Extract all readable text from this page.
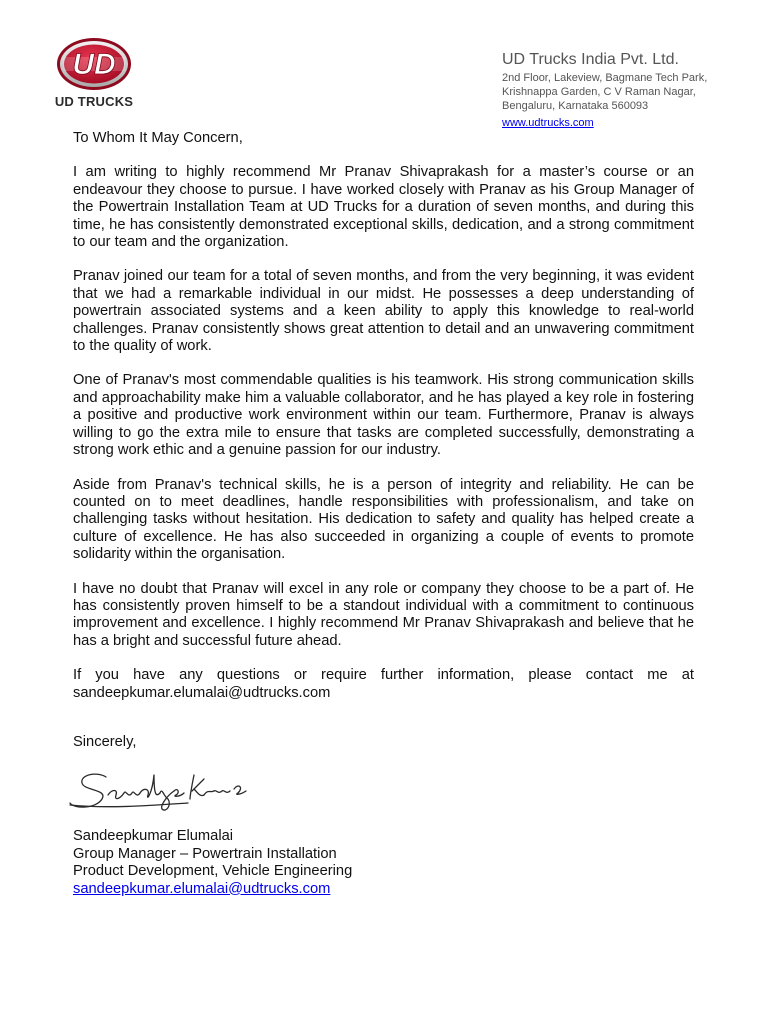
UD
UD TRUCKS

UD Trucks India Pvt. Ltd.

2nd Floor, Lakeview, Bagmane Tech Park,

Krishnappa Garden, C V Raman Nagar,

Bengaluru, Karnataka 560093

www.udtrucks.com

To Whom It May Concern,

I am writing to highly recommend Mr Pranav Shivaprakash for a master’s course or an endeavour they choose to pursue. I have worked closely with Pranav as his Group Manager of the Powertrain Installation Team at UD Trucks for a duration of seven months, and during this time, he has consistently demonstrated exceptional skills, dedication, and a strong commitment to our team and the organization.

Pranav joined our team for a total of seven months, and from the very beginning, it was evident that we had a remarkable individual in our midst. He possesses a deep understanding of powertrain associated systems and a keen ability to apply this knowledge to real-world challenges. Pranav consistently shows great attention to detail and an unwavering commitment to the quality of work.

One of Pranav's most commendable qualities is his teamwork. His strong communication skills and approachability make him a valuable collaborator, and he has played a key role in fostering a positive and productive work environment within our team. Furthermore, Pranav is always willing to go the extra mile to ensure that tasks are completed successfully, demonstrating a strong work ethic and a genuine passion for our industry.

Aside from Pranav's technical skills, he is a person of integrity and reliability. He can be counted on to meet deadlines, handle responsibilities with professionalism, and take on challenging tasks without hesitation. His dedication to safety and quality has helped create a culture of excellence. He has also succeeded in organizing a couple of events to promote solidarity within the organisation.

I have no doubt that Pranav will excel in any role or company they choose to be a part of. He has consistently proven himself to be a standout individual with a commitment to continuous improvement and excellence. I highly recommend Mr Pranav Shivaprakash and believe that he has a bright and successful future ahead.

If you have any questions or require further information, please contact me at sandeepkumar.elumalai@udtrucks.com

Sincerely,

Sandeepkumar Elumalai

Group Manager – Powertrain Installation

Product Development, Vehicle Engineering

sandeepkumar.elumalai@udtrucks.com
